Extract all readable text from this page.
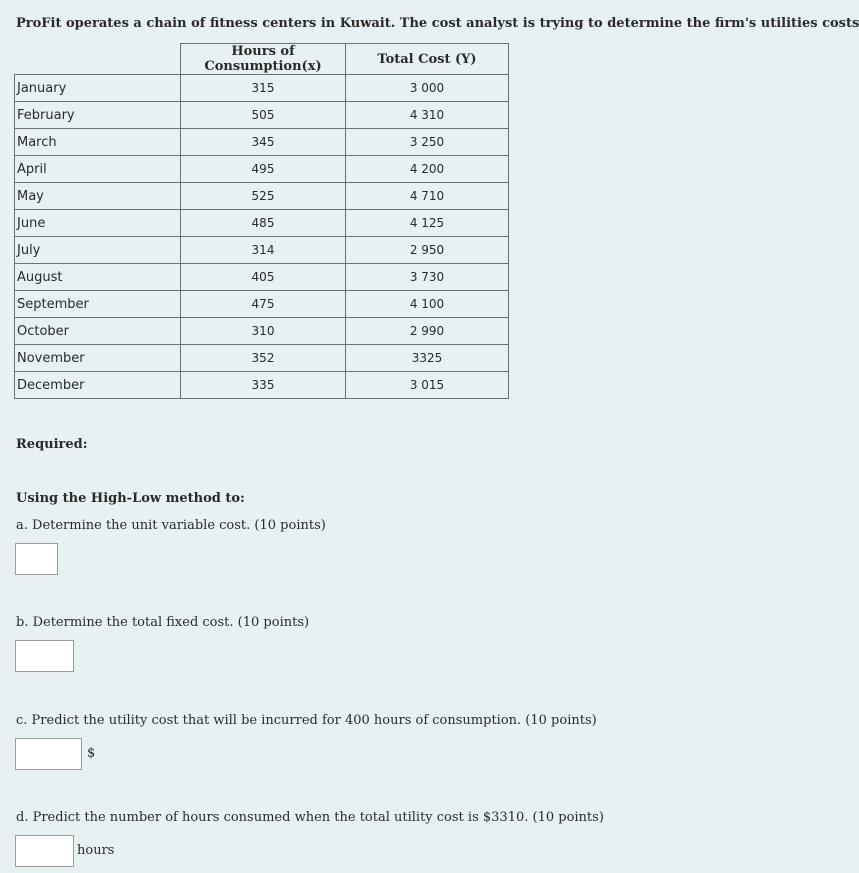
ProFit operates a chain of fitness centers in Kuwait. The cost analyst is trying to determine the firm's utilities costs
	Hours of Consumption(x)	Total Cost (Y)
January	315	3 000
February	505	4 310
March	345	3 250
April	495	4 200
May	525	4 710
June	485	4 125
July	314	2 950
August	405	3 730
September	475	4 100
October	310	2 990
November	352	3325
December	335	3 015
Required:
Using the High-Low method to:
a. Determine the unit variable cost. (10 points)
b. Determine the total fixed cost. (10 points)
c. Predict the utility cost that will be incurred for 400 hours of consumption. (10 points)
$
d. Predict the number of hours consumed when the total utility cost is $3310. (10 points)
hours
